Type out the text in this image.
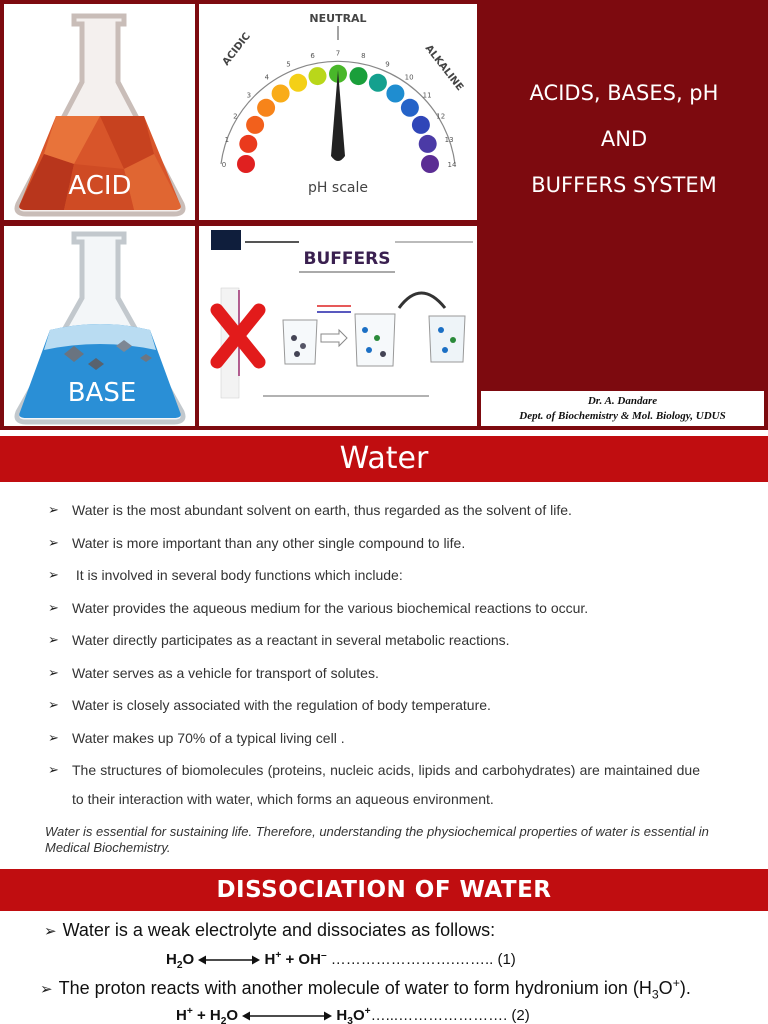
ACID
NEUTRAL
ACIDIC	ALKALINE
0
1
2
3
4
5
6	7	8
9
10
11
12
13
14
pH scale
BASE
BUFFERS
ACIDS, BASES, pH
AND
BUFFERS SYSTEM
Dr. A. Dandare
Dept. of Biochemistry & Mol. Biology, UDUS
Water
➢ Water is the most abundant solvent on earth, thus regarded as the solvent of life.
➢ Water is more important than any other single compound to life.
➢ It is involved in several body functions which include:
➢ Water provides the aqueous medium for the various biochemical reactions to occur.
➢ Water directly participates as a reactant in several metabolic reactions.
➢ Water serves as a vehicle for transport of solutes.
➢ Water is closely associated with the regulation of body temperature.
➢ Water makes up 70% of a typical living cell .
➢ The structures of biomolecules (proteins, nucleic acids, lipids and carbohydrates) are maintained due to their interaction with water, which forms an aqueous environment.
Water is essential for sustaining life. Therefore, understanding the physiochemical properties of water is essential in Medical Biochemistry.
DISSOCIATION OF WATER
➢ Water is a weak electrolyte and dissociates as follows:
$H_2O$	H+ + OH– …………………….…….. (1)
➢ The proton reacts with another molecule of water to form hydronium ion $(H_3O^+)$.
$H^+ + H_2O$	$H_3O^+\dots...\dots\dots\dots\dots\dots\dots\dots$. (2)
